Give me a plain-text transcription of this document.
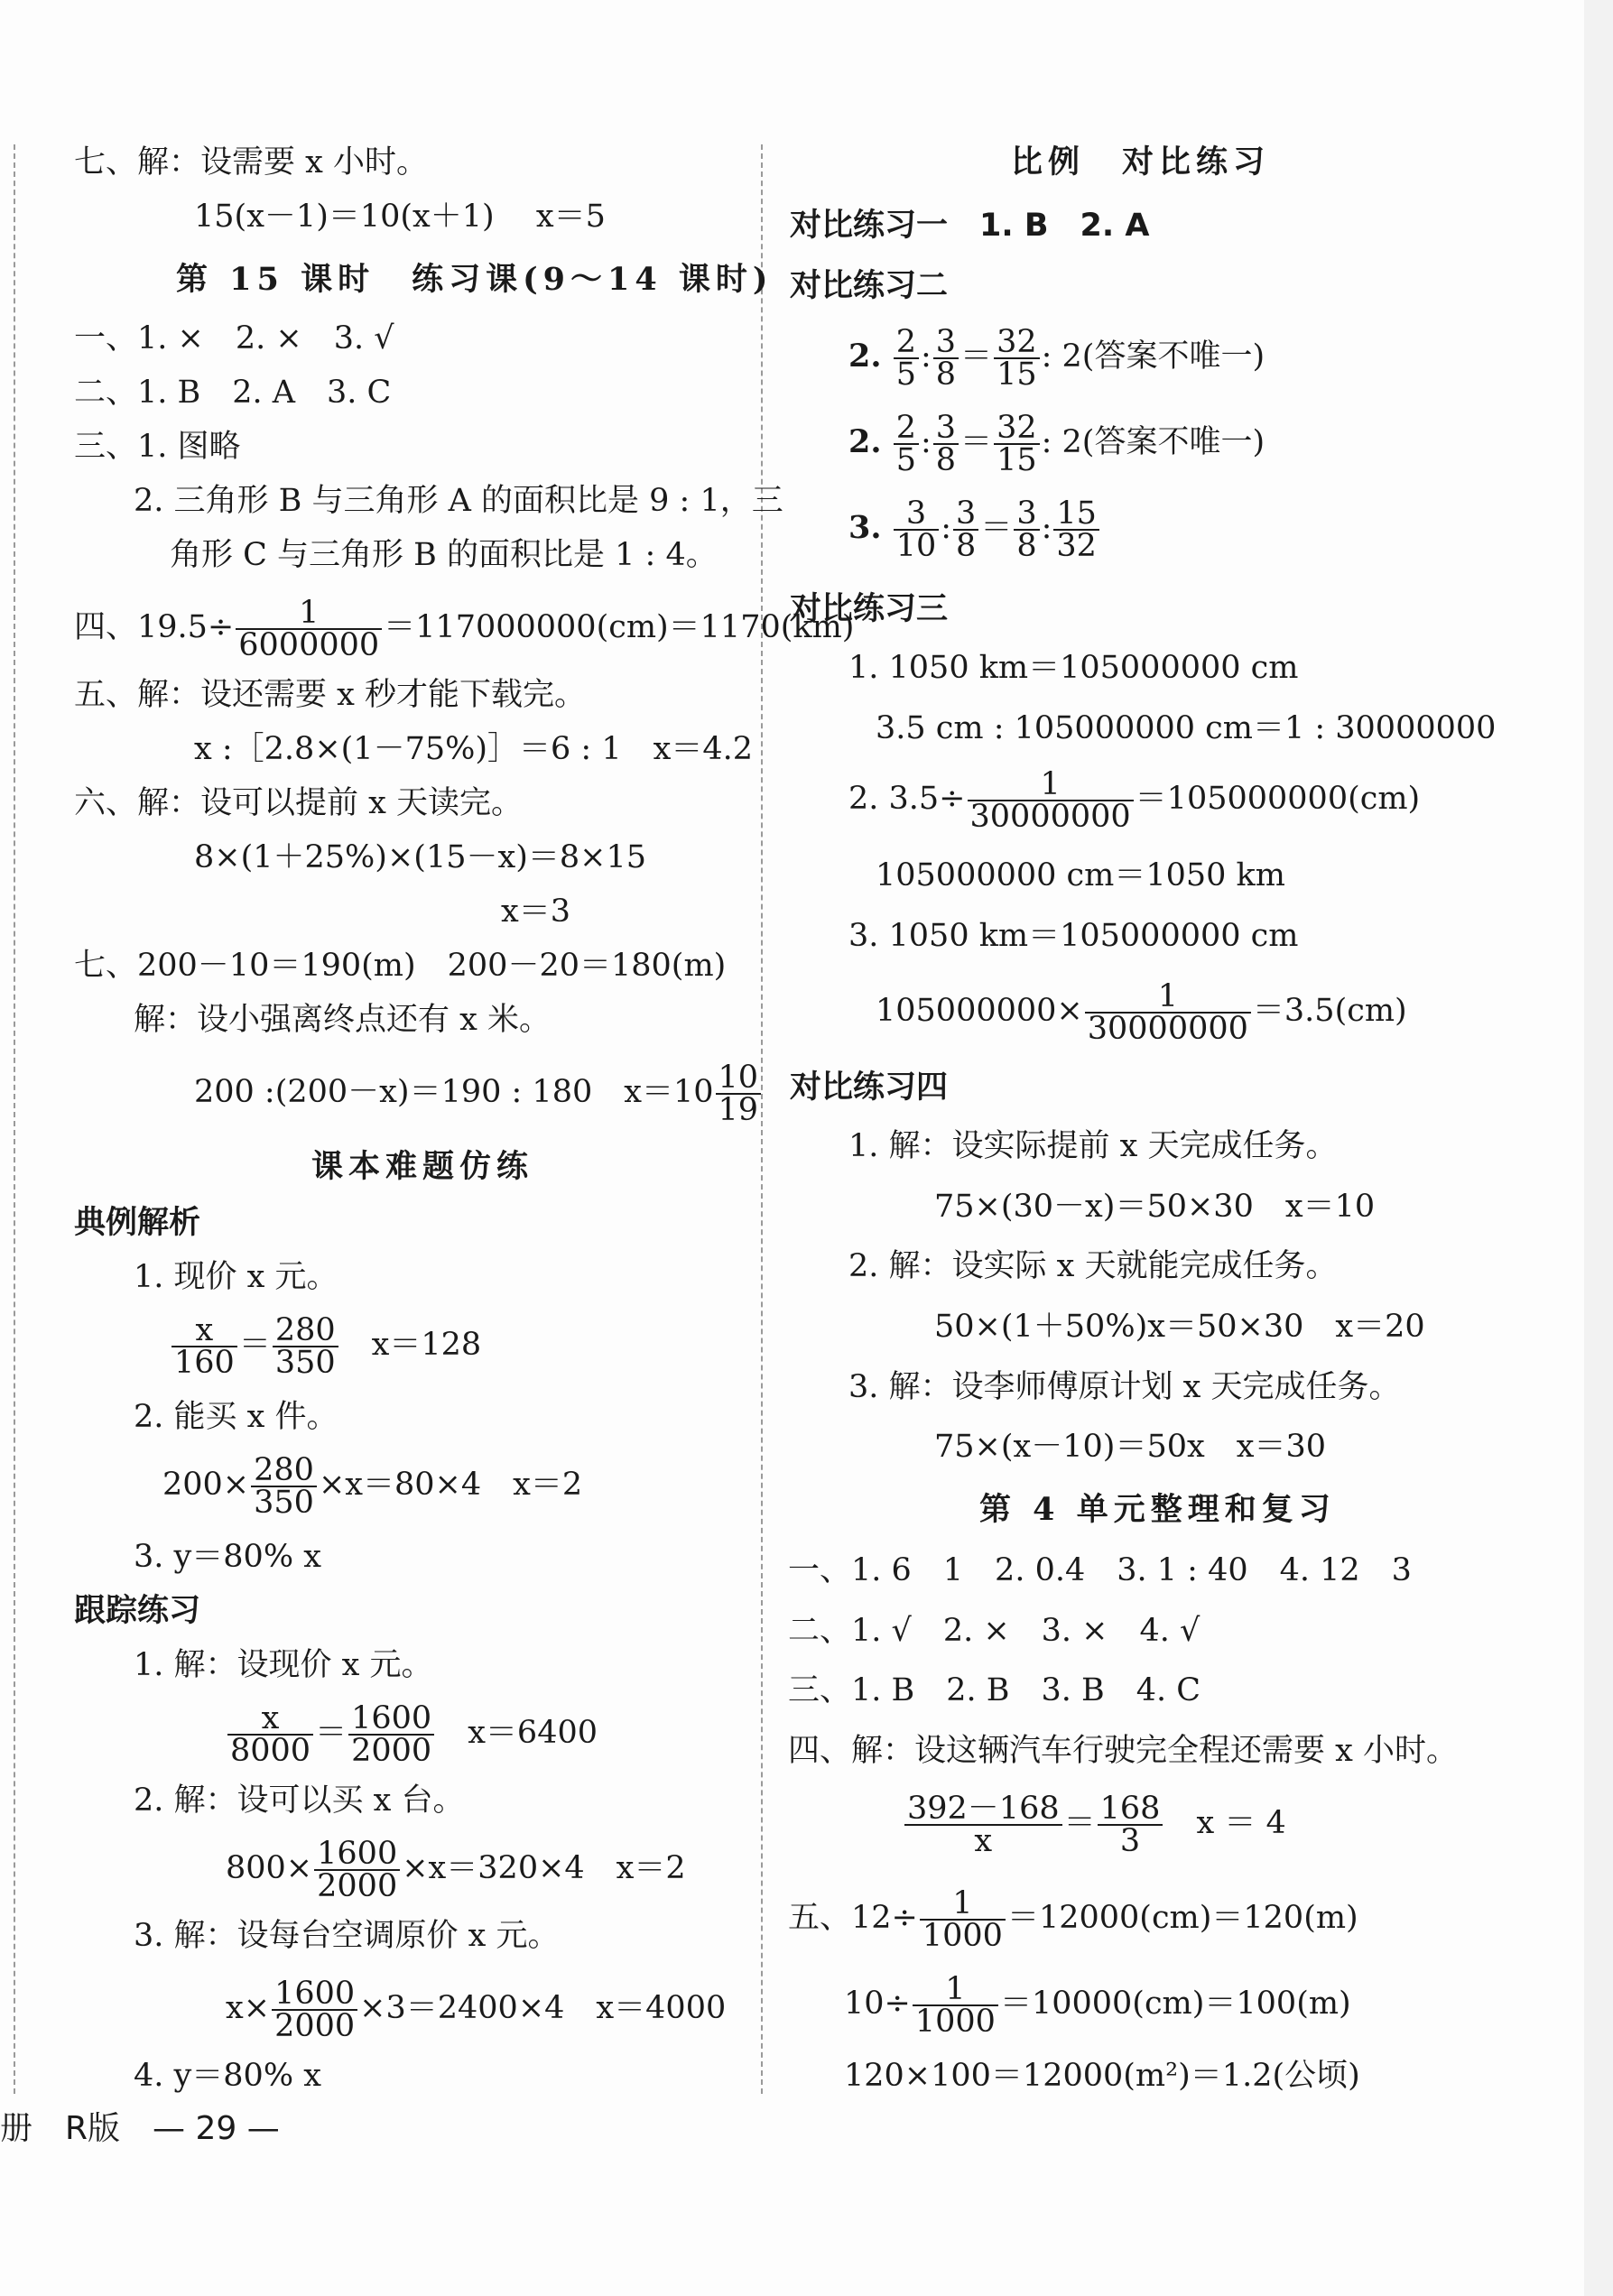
七、解：设需要 x 小时。
15(x－1)＝10(x＋1)　 x＝5
第 15 课时　练习课(9～14 课时)
一、1. ×　2. ×　3. √
二、1. B　2. A　3. C
三、1. 图略
2. 三角形 B 与三角形 A 的面积比是 9 : 1，三
角形 C 与三角形 B 的面积比是 1 : 4。
四、$19.5\div \frac{1}{6000000} =117000000(cm)=1170(km)$
五、解：设还需要 x 秒才能下载完。
x :［2.8×(1－75%)］＝6 : 1　x＝4.2
六、解：设可以提前 x 天读完。
8×(1＋25%)×(15－x)＝8×15
x＝3
七、200－10＝190(m)　200－20＝180(m)
解：设小强离终点还有 x 米。
200 :(200－x)＝190 : 180　$x=10 \frac{10}{19}$
课本难题仿练
典例解析
1. 现价 x 元。
$\frac{x}{160} = \frac{280}{350}$
　 x＝128
2. 能买 x 件。
$200\times \frac{280}{350} \times x=80\times 4$　x＝2
3. y＝80% x
跟踪练习
1. 解：设现价 x 元。
$\frac{x}{8000} = \frac{1600}{2000}$
　 x＝6400
2. 解：设可以买 x 台。
$800\times \frac{1600}{2000} \times x=320\times 4$　x＝2
3. 解：设每台空调原价 x 元。
$x\times \frac{1600}{2000} \times 3=2400\times 4$　x＝4000
4. y＝80% x
比例　对比练习
对比练习一　1. B　2. A
对比练习二
2. $\frac{2}{5}$ : $\frac{3}{8} = \frac{32}{15}$ : 2(答案不唯一)
2. $\frac{2}{5}$ : $\frac{3}{8} = \frac{32}{15}$ : 2(答案不唯一)
3. $\frac{3}{10}$ : $\frac{3}{8} = \frac{3}{8}$ : $\frac{15}{32}$
对比练习三
1. 1050 km＝105000000 cm
3.5 cm : 105000000 cm＝1 : 30000000
2. $3.5\div \frac{1}{30000000} =105000000(cm)$
105000000 cm＝1050 km
3. 1050 km＝105000000 cm
$105000000\times \frac{1}{30000000} =3.5(cm)$
对比练习四
1. 解：设实际提前 x 天完成任务。
75×(30－x)＝50×30　x＝10
2. 解：设实际 x 天就能完成任务。
50×(1＋50%)x＝50×30　x＝20
3. 解：设李师傅原计划 x 天完成任务。
75×(x－10)＝50x　x＝30
第 4 单元整理和复习
一、1. 6　1　2. 0.4　3. 1 : 40　4. 12　3
二、1. √　2. ×　3. ×　4. √
三、1. B　2. B　3. B　4. C
四、解：设这辆汽车行驶完全程还需要 x 小时。
$\frac{392-168}{x} = \frac{168}{3}$
　 x ＝ 4
五、$12\div \frac{1}{1000} =12000(cm)=120(m)$
$10\div \frac{1}{1000} =10000(cm)=100(m)$
120×100＝12000(m²)＝1.2(公顷)
册　R版　— 29 —
